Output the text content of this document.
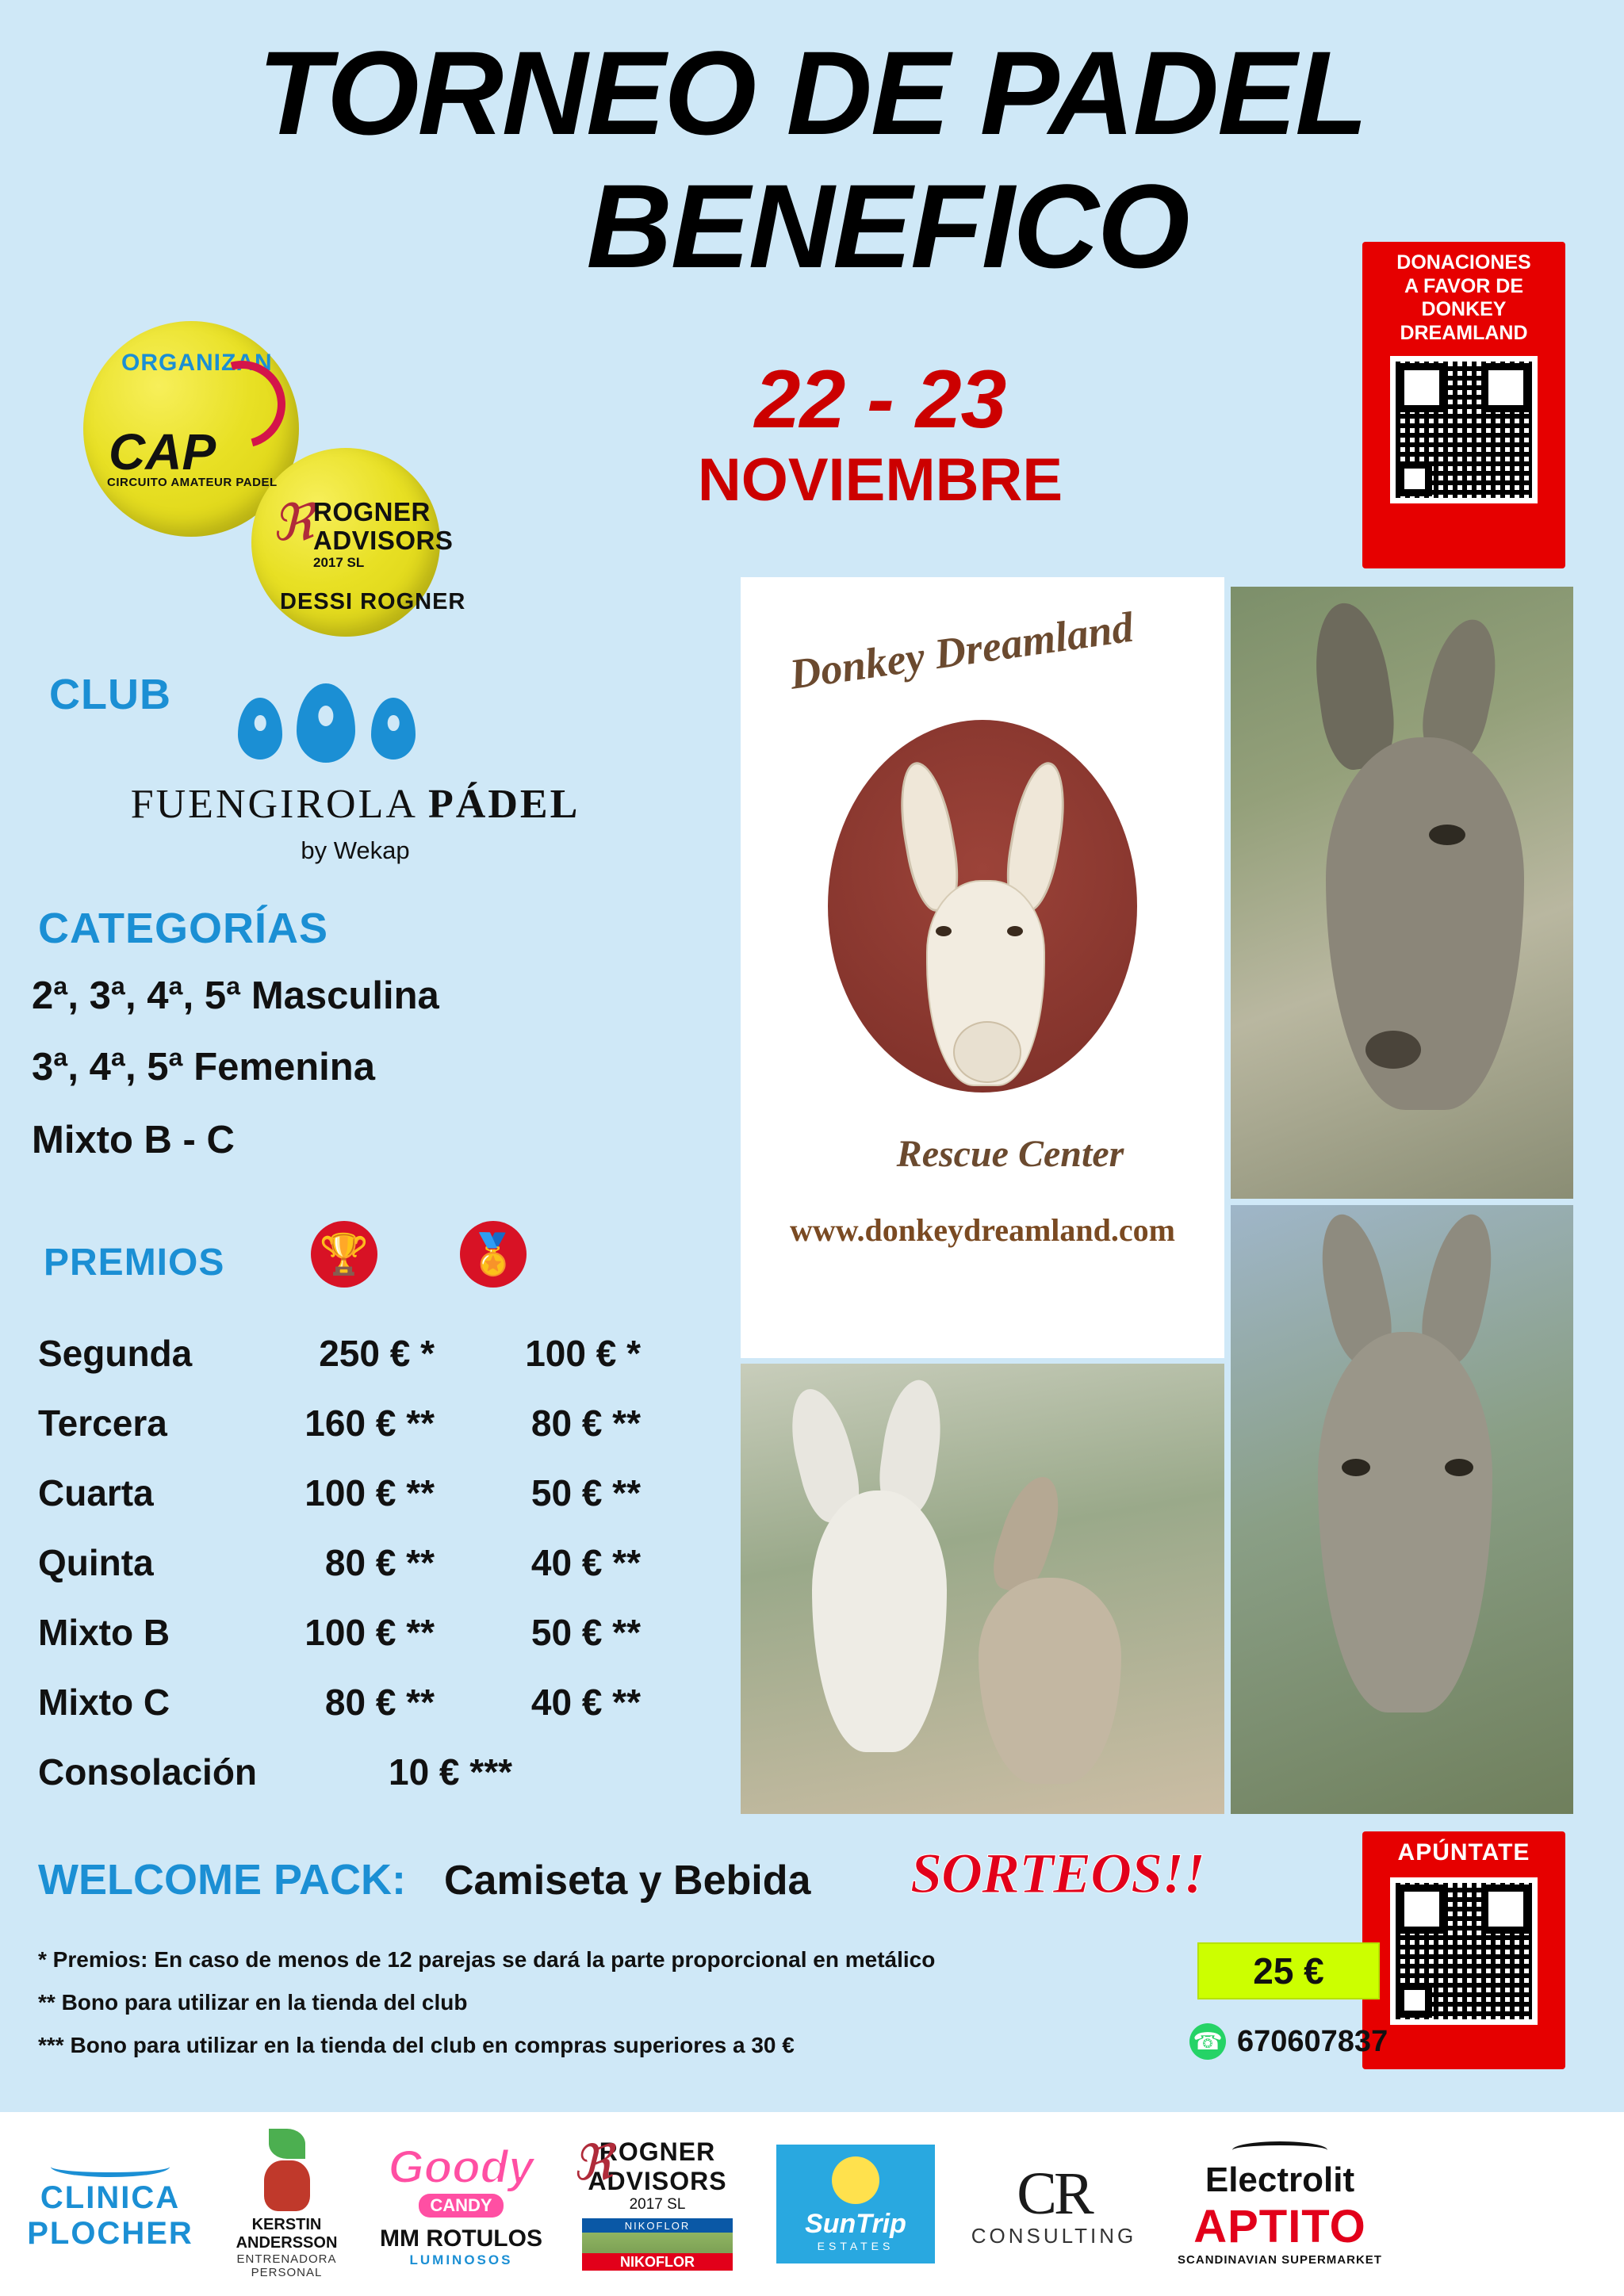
TORNEO DE PADEL
BENEFICO
22 - 23
NOVIEMBRE
DONACIONES
A FAVOR DE
DONKEY
DREAMLAND
ORGANIZAN
CAP
CIRCUITO AMATEUR PADEL
ℜ ROGNER
ADVISORS
2017 SL
DESSI ROGNER
CLUB
FUENGIROLA PÁDEL
by Wekap
CATEGORÍAS
2ª, 3ª, 4ª, 5ª Masculina
3ª, 4ª, 5ª Femenina
Mixto B - C
PREMIOS 🏆	🏅
Segunda	250 € *	100 € *
Tercera	160 € **	80 € **
Cuarta	100 € **	50 € **
Quinta	80 € **	40 € **
Mixto B	100 € **	50 € **
Mixto C	80 € **	40 € **
Consolación	10 € ***
Donkey Dreamland
Rescue Center
www.donkeydreamland.com
WELCOME PACK: Camiseta y Bebida SORTEOS!!
* Premios: En caso de menos de 12 parejas se dará la parte proporcional en metálico
** Bono para utilizar en la tienda del club
*** Bono para utilizar en la tienda del club en compras superiores a 30 €
APÚNTATE
25 €
☎ 670607837
CLINICA
PLOCHER	KERSTIN ANDERSSON
ENTRENADORA PERSONAL
Goody
CANDY
MM ROTULOS
LUMINOSOS
ℜ
ROGNER
ADVISORS
2017 SL
NIKOFLOR
NIKOFLOR
SunTrip
ESTATES
CR
CONSULTING
Electrolit
APTITO
SCANDINAVIAN SUPERMARKET
